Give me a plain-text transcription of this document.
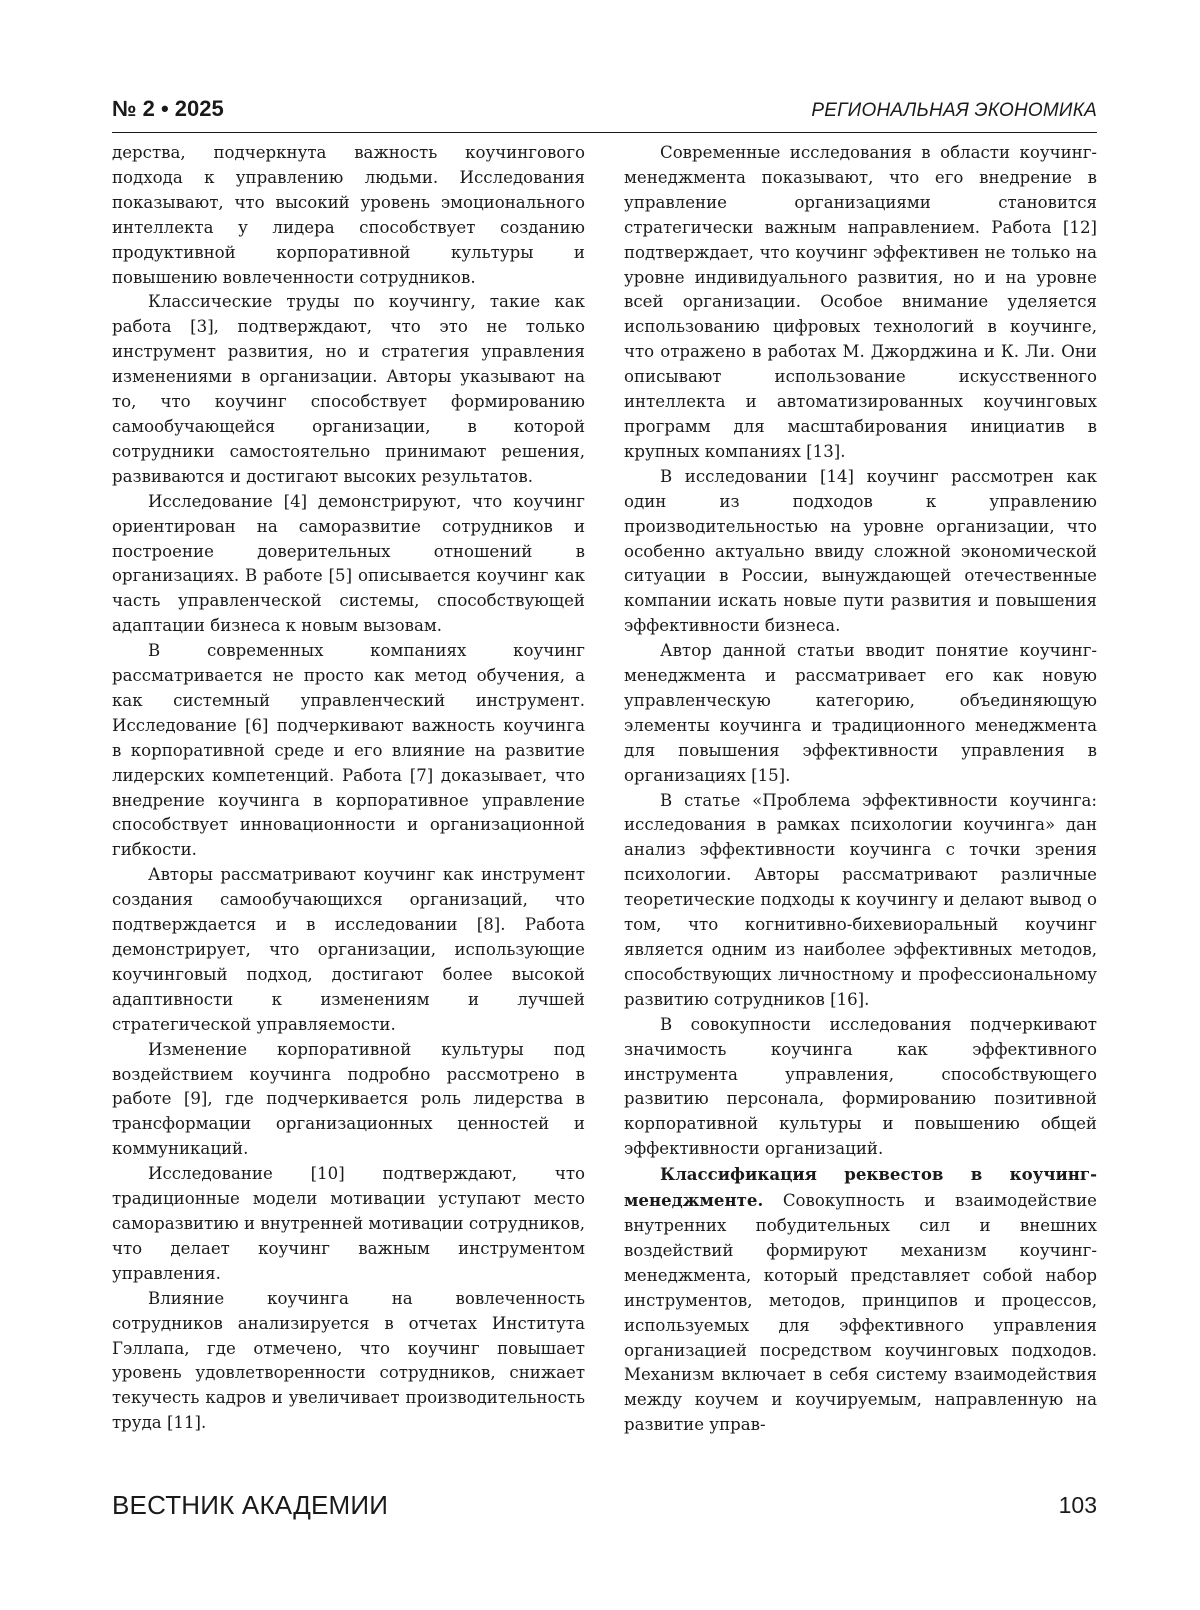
№ 2 • 2025	РЕГИОНАЛЬНАЯ ЭКОНОМИКА

дерства, подчеркнута важность коучингового подхода к управлению людьми. Исследования показывают, что высокий уровень эмоционального интеллекта у лидера способствует созданию продуктивной корпоративной культуры и повышению вовлеченности сотрудников.

Классические труды по коучингу, такие как работа [3], подтверждают, что это не только инструмент развития, но и стратегия управления изменениями в организации. Авторы указывают на то, что коучинг способствует формированию самообучающейся организации, в которой сотрудники самостоятельно принимают решения, развиваются и достигают высоких результатов.

Исследование [4] демонстрируют, что коучинг ориентирован на саморазвитие сотрудников и построение доверительных отношений в организациях. В работе [5] описывается коучинг как часть управленческой системы, способствующей адаптации бизнеса к новым вызовам.

В современных компаниях коучинг рассматривается не просто как метод обучения, а как системный управленческий инструмент. Исследование [6] подчеркивают важность коучинга в корпоративной среде и его влияние на развитие лидерских компетенций. Работа [7] доказывает, что внедрение коучинга в корпоративное управление способствует инновационности и организационной гибкости.

Авторы рассматривают коучинг как инструмент создания самообучающихся организаций, что подтверждается и в исследовании [8]. Работа демонстрирует, что организации, использующие коучинговый подход, достигают более высокой адаптивности к изменениям и лучшей стратегической управляемости.

Изменение корпоративной культуры под воздействием коучинга подробно рассмотрено в работе [9], где подчеркивается роль лидерства в трансформации организационных ценностей и коммуникаций.

Исследование [10] подтверждают, что традиционные модели мотивации уступают место саморазвитию и внутренней мотивации сотрудников, что делает коучинг важным инструментом управления.

Влияние коучинга на вовлеченность сотрудников анализируется в отчетах Института Гэллапа, где отмечено, что коучинг повышает уровень удовлетворенности сотрудников, снижает текучесть кадров и увеличивает производительность труда [11].

Современные исследования в области коучинг-менеджмента показывают, что его внедрение в управление организациями становится стратегически важным направлением. Работа [12] подтверждает, что коучинг эффективен не только на уровне индивидуального развития, но и на уровне всей организации. Особое внимание уделяется использованию цифровых технологий в коучинге, что отражено в работах М. Джорджина и К. Ли. Они описывают использование искусственного интеллекта и автоматизированных коучинговых программ для масштабирования инициатив в крупных компаниях [13].

В исследовании [14] коучинг рассмотрен как один из подходов к управлению производительностью на уровне организации, что особенно актуально ввиду сложной экономической ситуации в России, вынуждающей отечественные компании искать новые пути развития и повышения эффективности бизнеса.

Автор данной статьи вводит понятие коучинг-менеджмента и рассматривает его как новую управленческую категорию, объединяющую элементы коучинга и традиционного менеджмента для повышения эффективности управления в организациях [15].

В статье «Проблема эффективности коучинга: исследования в рамках психологии коучинга» дан анализ эффективности коучинга с точки зрения психологии. Авторы рассматривают различные теоретические подходы к коучингу и делают вывод о том, что когнитивно-бихевиоральный коучинг является одним из наиболее эффективных методов, способствующих личностному и профессиональному развитию сотрудников [16].

В совокупности исследования подчеркивают значимость коучинга как эффективного инструмента управления, способствующего развитию персонала, формированию позитивной корпоративной культуры и повышению общей эффективности организаций.

Классификация реквестов в коучинг-менеджменте. Совокупность и взаимодействие внутренних побудительных сил и внешних воздействий формируют механизм коучинг-менеджмента, который представляет собой набор инструментов, методов, принципов и процессов, используемых для эффективного управления организацией посредством коучинговых подходов. Механизм включает в себя систему взаимодействия между коучем и коучируемым, направленную на развитие управ-

ВЕСТНИК АКАДЕМИИ	103
